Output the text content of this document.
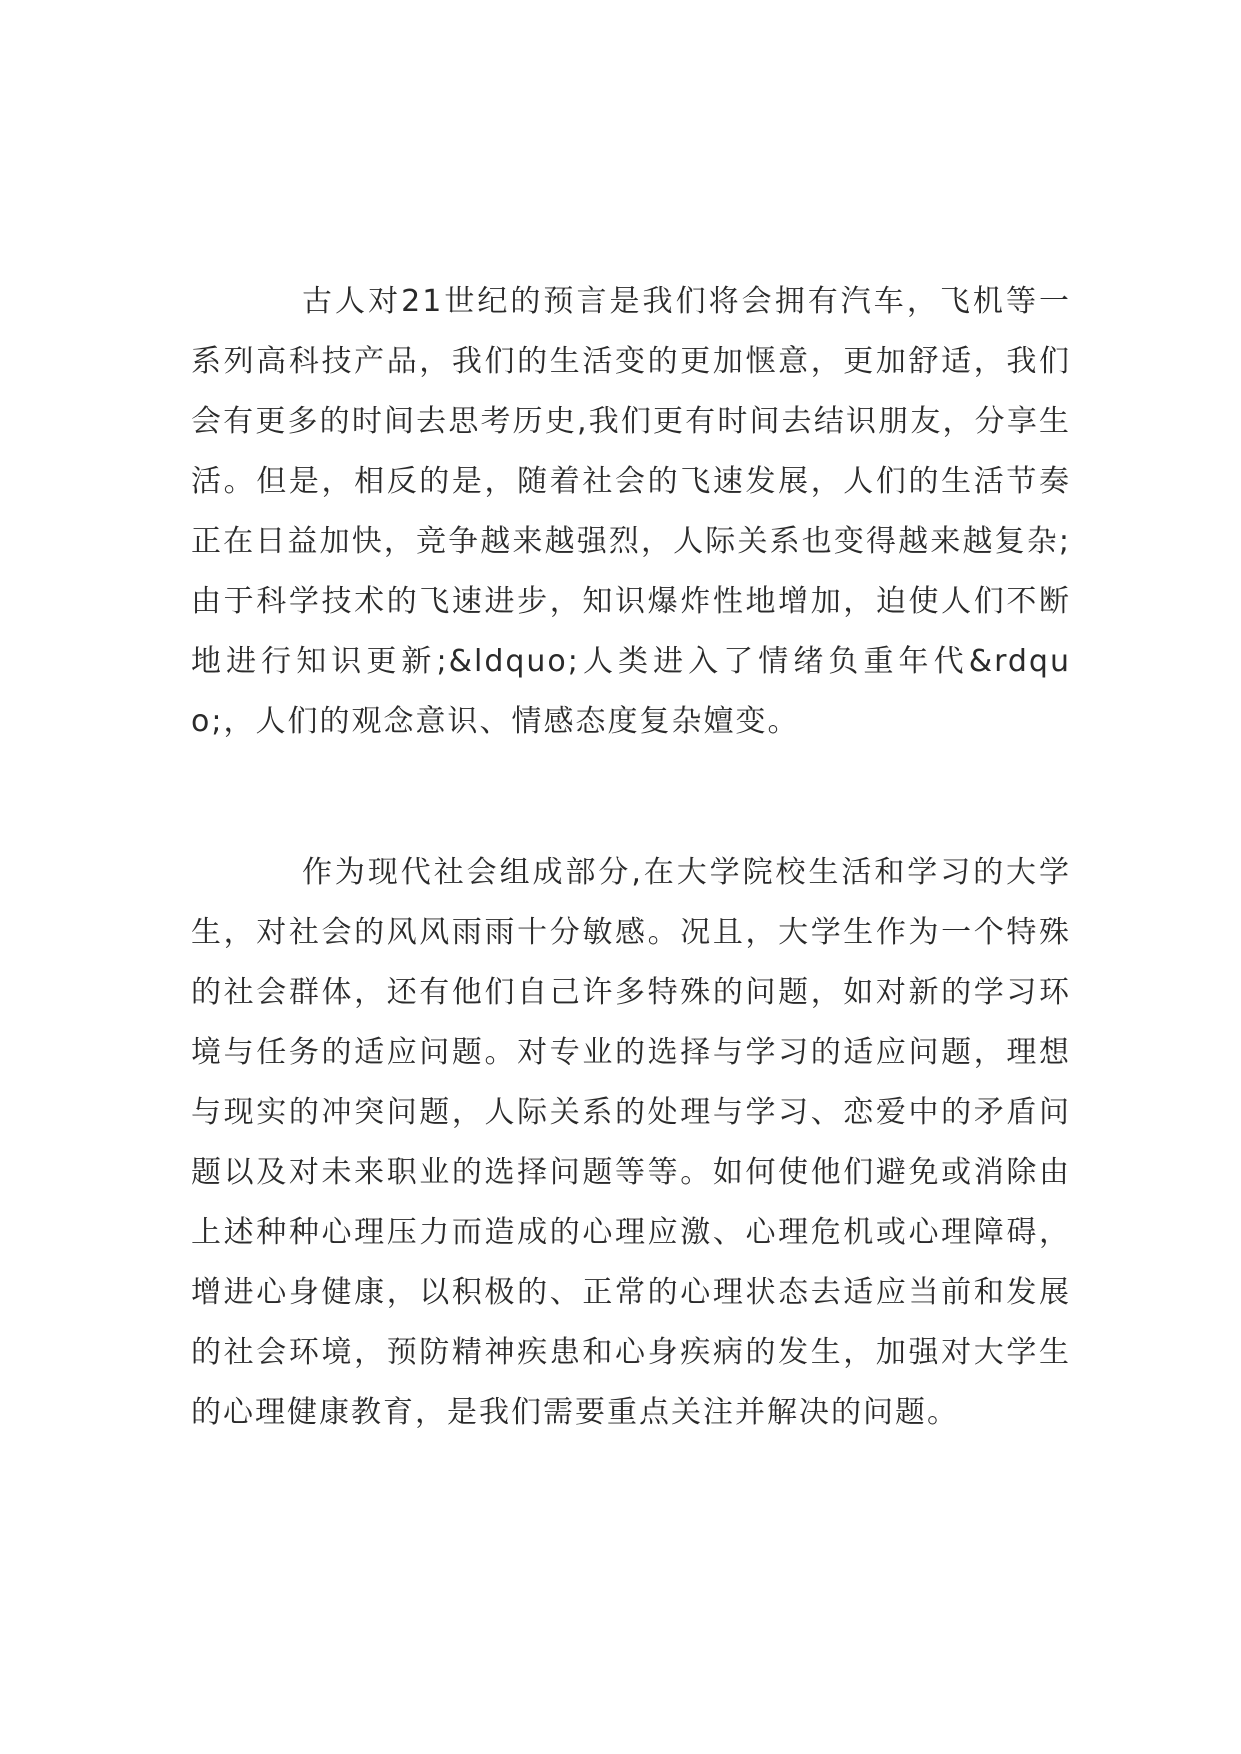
古人对21世纪的预言是我们将会拥有汽车，飞机等一系列高科技产品，我们的生活变的更加惬意，更加舒适，我们会有更多的时间去思考历史,我们更有时间去结识朋友，分享生活。但是，相反的是，随着社会的飞速发展，人们的生活节奏正在日益加快，竞争越来越强烈，人际关系也变得越来越复杂;由于科学技术的飞速进步，知识爆炸性地增加，迫使人们不断地进行知识更新;&ldquo;人类进入了情绪负重年代&rdquo;，人们的观念意识、情感态度复杂嬗变。

作为现代社会组成部分,在大学院校生活和学习的大学生，对社会的风风雨雨十分敏感。况且，大学生作为一个特殊的社会群体，还有他们自己许多特殊的问题，如对新的学习环境与任务的适应问题。对专业的选择与学习的适应问题，理想与现实的冲突问题，人际关系的处理与学习、恋爱中的矛盾问题以及对未来职业的选择问题等等。如何使他们避免或消除由上述种种心理压力而造成的心理应激、心理危机或心理障碍，增进心身健康，以积极的、正常的心理状态去适应当前和发展的社会环境，预防精神疾患和心身疾病的发生，加强对大学生的心理健康教育，是我们需要重点关注并解决的问题。
